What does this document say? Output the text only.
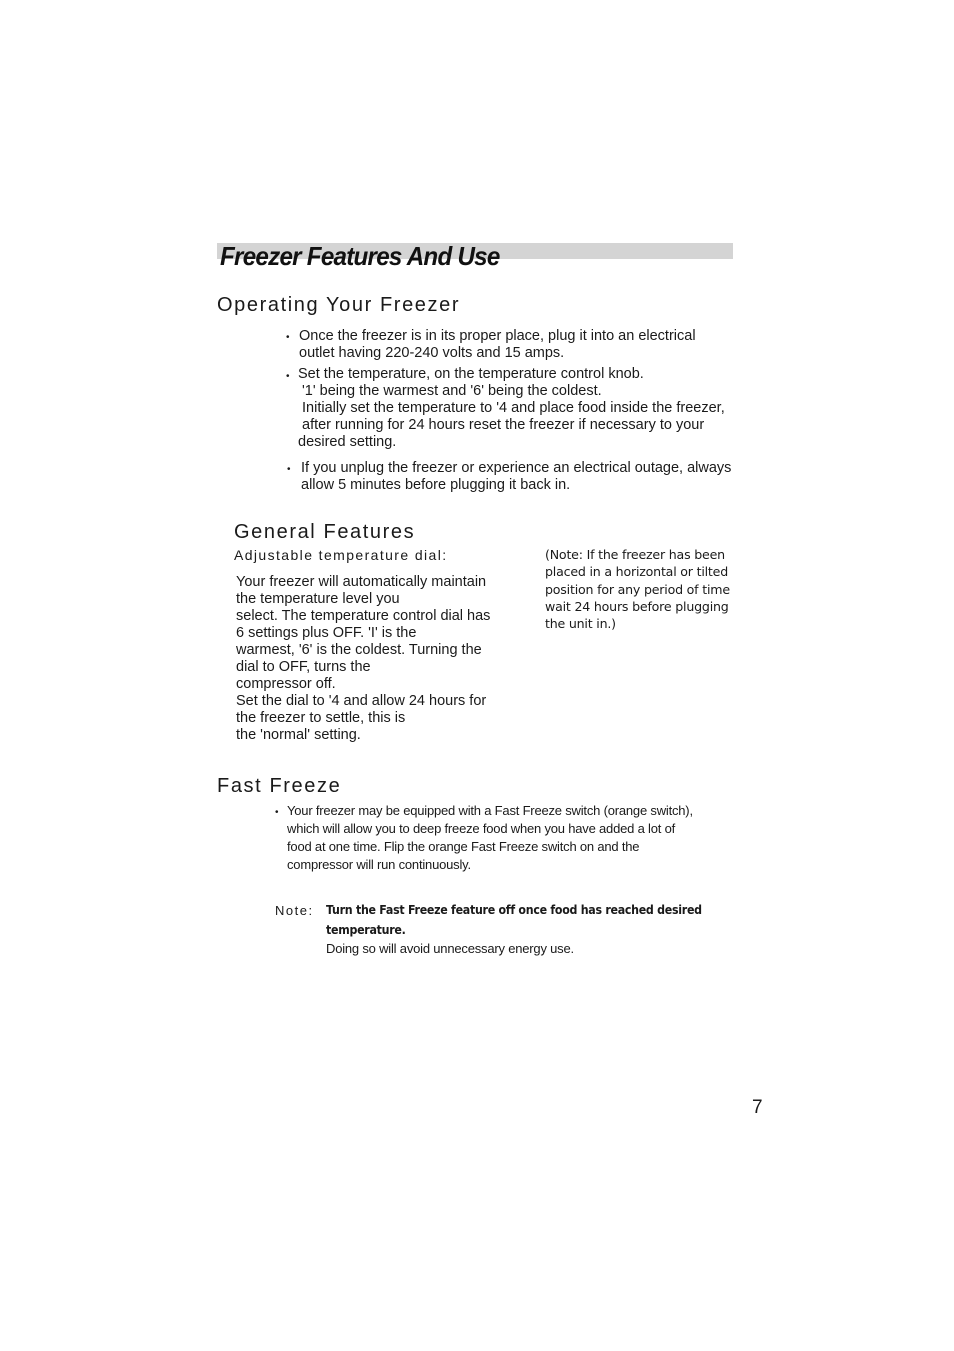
Freezer Features And Use
Operating Your Freezer
• Once the freezer is in its proper place, plug it into an electrical
outlet having 220-240 volts and 15 amps.
• Set the temperature, on the temperature control knob.
'1' being the warmest and '6' being the coldest.
Initially set the temperature to '4 and place food inside the freezer,
after running for 24 hours reset the freezer if necessary to your
desired setting.
• If you unplug the freezer or experience an electrical outage, always
allow 5 minutes before plugging it back in.
General Features
Adjustable temperature dial:
Your freezer will automatically maintain
the temperature level you
select. The temperature control dial has
6 settings plus OFF. 'I' is the
warmest, '6' is the coldest. Turning the
dial to OFF, turns the
compressor off.
Set the dial to '4 and allow 24 hours for
the freezer to settle, this is
the 'normal' setting.
(Note: If the freezer has been
placed in a horizontal or tilted
position for any period of time
wait 24 hours before plugging
the unit in.)
Fast Freeze
• Your freezer may be equipped with a Fast Freeze switch (orange switch),
which will allow you to deep freeze food when you have added a lot of
food at one time. Flip the orange Fast Freeze switch on and the
compressor will run continuously.
Note: Turn the Fast Freeze feature off once food has reached desired
temperature.
Doing so will avoid unnecessary energy use.
7
